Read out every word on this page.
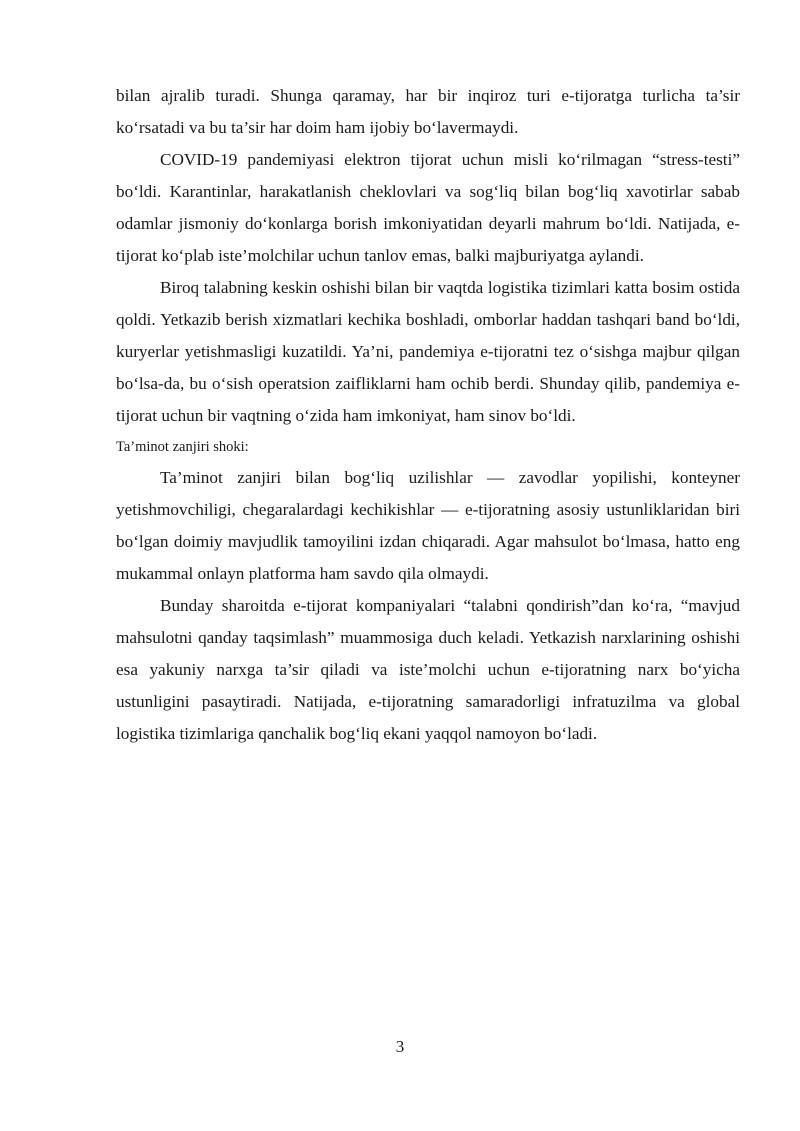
bilan ajralib turadi. Shunga qaramay, har bir inqiroz turi e-tijoratga turlicha ta’sir ko‘rsatadi va bu ta’sir har doim ham ijobiy bo‘lavermaydi.

COVID-19 pandemiyasi elektron tijorat uchun misli ko‘rilmagan “stress-testi” bo‘ldi. Karantinlar, harakatlanish cheklovlari va sog‘liq bilan bog‘liq xavotirlar sabab odamlar jismoniy do‘konlarga borish imkoniyatidan deyarli mahrum bo‘ldi. Natijada, e-tijorat ko‘plab iste’molchilar uchun tanlov emas, balki majburiyatga aylandi.

Biroq talabning keskin oshishi bilan bir vaqtda logistika tizimlari katta bosim ostida qoldi. Yetkazib berish xizmatlari kechika boshladi, omborlar haddan tashqari band bo‘ldi, kuryerlar yetishmasligi kuzatildi. Ya’ni, pandemiya e-tijoratni tez o‘sishga majbur qilgan bo‘lsa-da, bu o‘sish operatsion zaifliklarni ham ochib berdi. Shunday qilib, pandemiya e-tijorat uchun bir vaqtning o‘zida ham imkoniyat, ham sinov bo‘ldi.

Ta’minot zanjiri shoki:

Ta’minot zanjiri bilan bog‘liq uzilishlar — zavodlar yopilishi, konteyner yetishmovchiligi, chegaralardagi kechikishlar — e-tijoratning asosiy ustunliklaridan biri bo‘lgan doimiy mavjudlik tamoyilini izdan chiqaradi. Agar mahsulot bo‘lmasa, hatto eng mukammal onlayn platforma ham savdo qila olmaydi.

Bunday sharoitda e-tijorat kompaniyalari “talabni qondirish”dan ko‘ra, “mavjud mahsulotni qanday taqsimlash” muammosiga duch keladi. Yetkazish narxlarining oshishi esa yakuniy narxga ta’sir qiladi va iste’molchi uchun e-tijoratning narx bo‘yicha ustunligini pasaytiradi. Natijada, e-tijoratning samaradorligi infratuzilma va global logistika tizimlariga qanchalik bog‘liq ekani yaqqol namoyon bo‘ladi.

3
